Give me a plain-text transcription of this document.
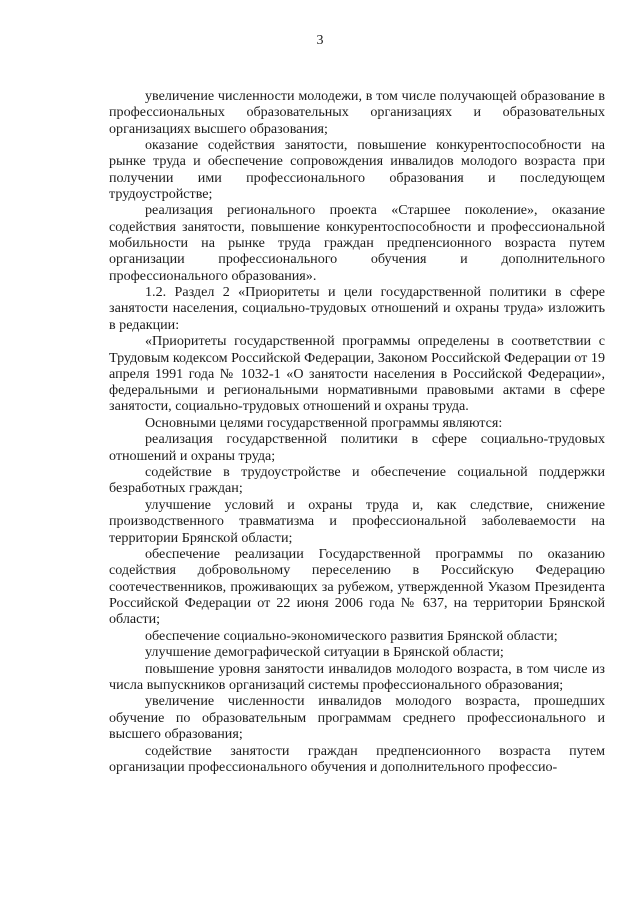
3

увеличение численности молодежи, в том числе получающей образование в профессиональных образовательных организациях и образовательных организациях высшего образования;

оказание содействия занятости, повышение конкурентоспособности на рынке труда и обеспечение сопровождения инвалидов молодого возраста при получении ими профессионального образования и последующем трудоустройстве;

реализация регионального проекта «Старшее поколение», оказание содействия занятости, повышение конкурентоспособности и профессиональной мобильности на рынке труда граждан предпенсионного возраста путем организации профессионального обучения и дополнительного профессионального образования».

1.2. Раздел 2 «Приоритеты и цели государственной политики в сфере занятости населения, социально-трудовых отношений и охраны труда» изложить в редакции:

«Приоритеты государственной программы определены в соответствии с Трудовым кодексом Российской Федерации, Законом Российской Федерации от 19 апреля 1991 года № 1032-1 «О занятости населения в Российской Федерации», федеральными и региональными нормативными правовыми актами в сфере занятости, социально-трудовых отношений и охраны труда.

Основными целями государственной программы являются:

реализация государственной политики в сфере социально-трудовых отношений и охраны труда;

содействие в трудоустройстве и обеспечение социальной поддержки безработных граждан;

улучшение условий и охраны труда и, как следствие, снижение производственного травматизма и профессиональной заболеваемости на территории Брянской области;

обеспечение реализации Государственной программы по оказанию содействия добровольному переселению в Российскую Федерацию соотечественников, проживающих за рубежом, утвержденной Указом Президента Российской Федерации от 22 июня 2006 года № 637, на территории Брянской области;

обеспечение социально-экономического развития Брянской области;

улучшение демографической ситуации в Брянской области;

повышение уровня занятости инвалидов молодого возраста, в том числе из числа выпускников организаций системы профессионального образования;

увеличение численности инвалидов молодого возраста, прошедших обучение по образовательным программам среднего профессионального и высшего образования;

содействие занятости граждан предпенсионного возраста путем организации профессионального обучения и дополнительного профессио-
